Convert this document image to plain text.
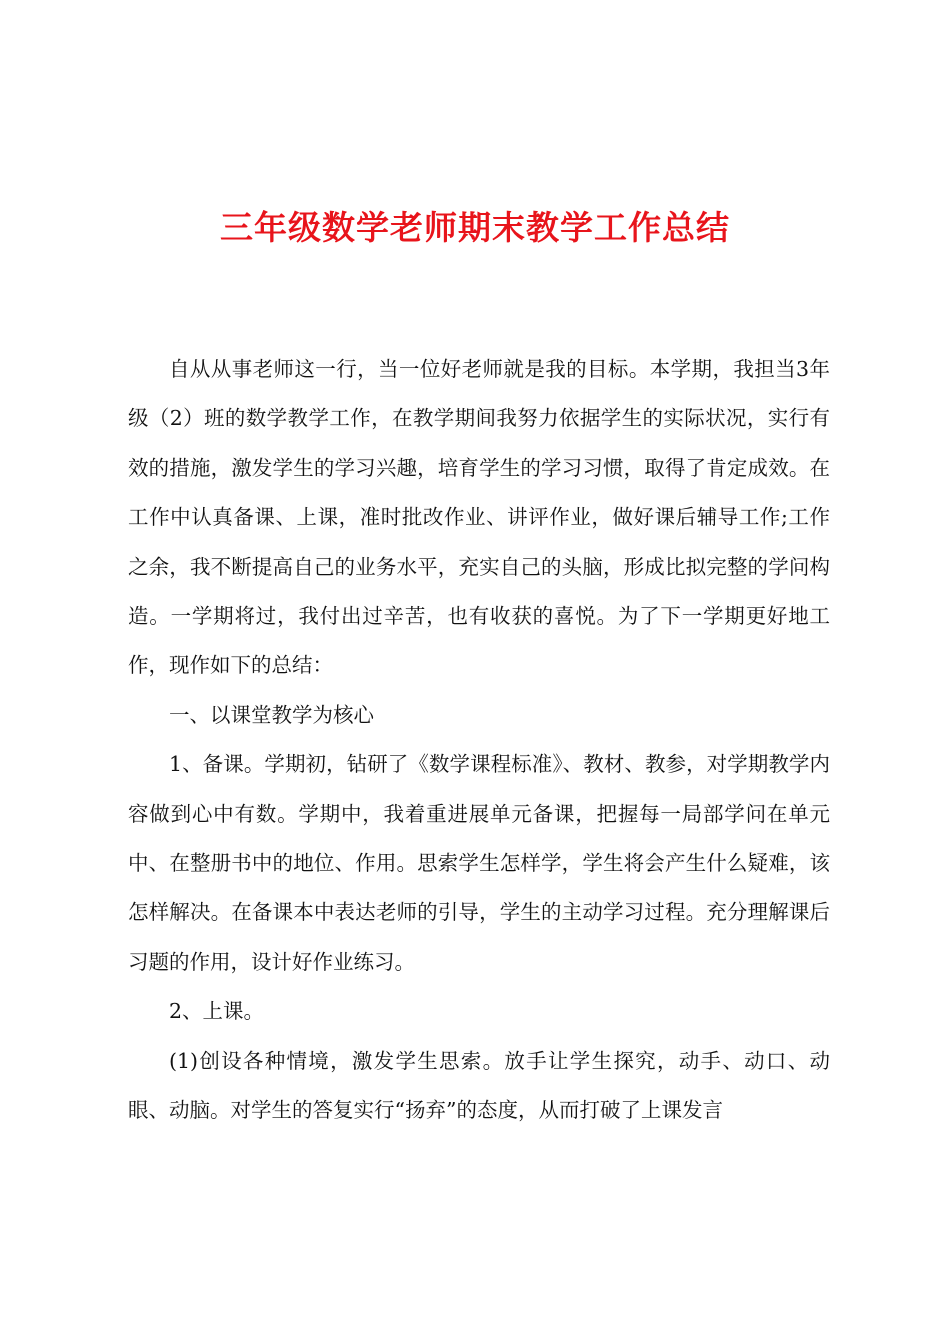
三年级数学老师期末教学工作总结

自从从事老师这一行，当一位好老师就是我的目标。本学期，我担当3年级（2）班的数学教学工作，在教学期间我努力依据学生的实际状况，实行有效的措施，激发学生的学习兴趣，培育学生的学习习惯，取得了肯定成效。在工作中认真备课、上课，准时批改作业、讲评作业，做好课后辅导工作;工作之余，我不断提高自己的业务水平，充实自己的头脑，形成比拟完整的学问构造。一学期将过，我付出过辛苦，也有收获的喜悦。为了下一学期更好地工作，现作如下的总结：

一、以课堂教学为核心

1、备课。学期初，钻研了《数学课程标准》、教材、教参，对学期教学内容做到心中有数。学期中，我着重进展单元备课，把握每一局部学问在单元中、在整册书中的地位、作用。思索学生怎样学，学生将会产生什么疑难，该怎样解决。在备课本中表达老师的引导，学生的主动学习过程。充分理解课后习题的作用，设计好作业练习。

2、上课。

(1)创设各种情境，激发学生思索。放手让学生探究，动手、动口、动眼、动脑。对学生的答复实行“扬弃”的态度，从而打破了上课发言
